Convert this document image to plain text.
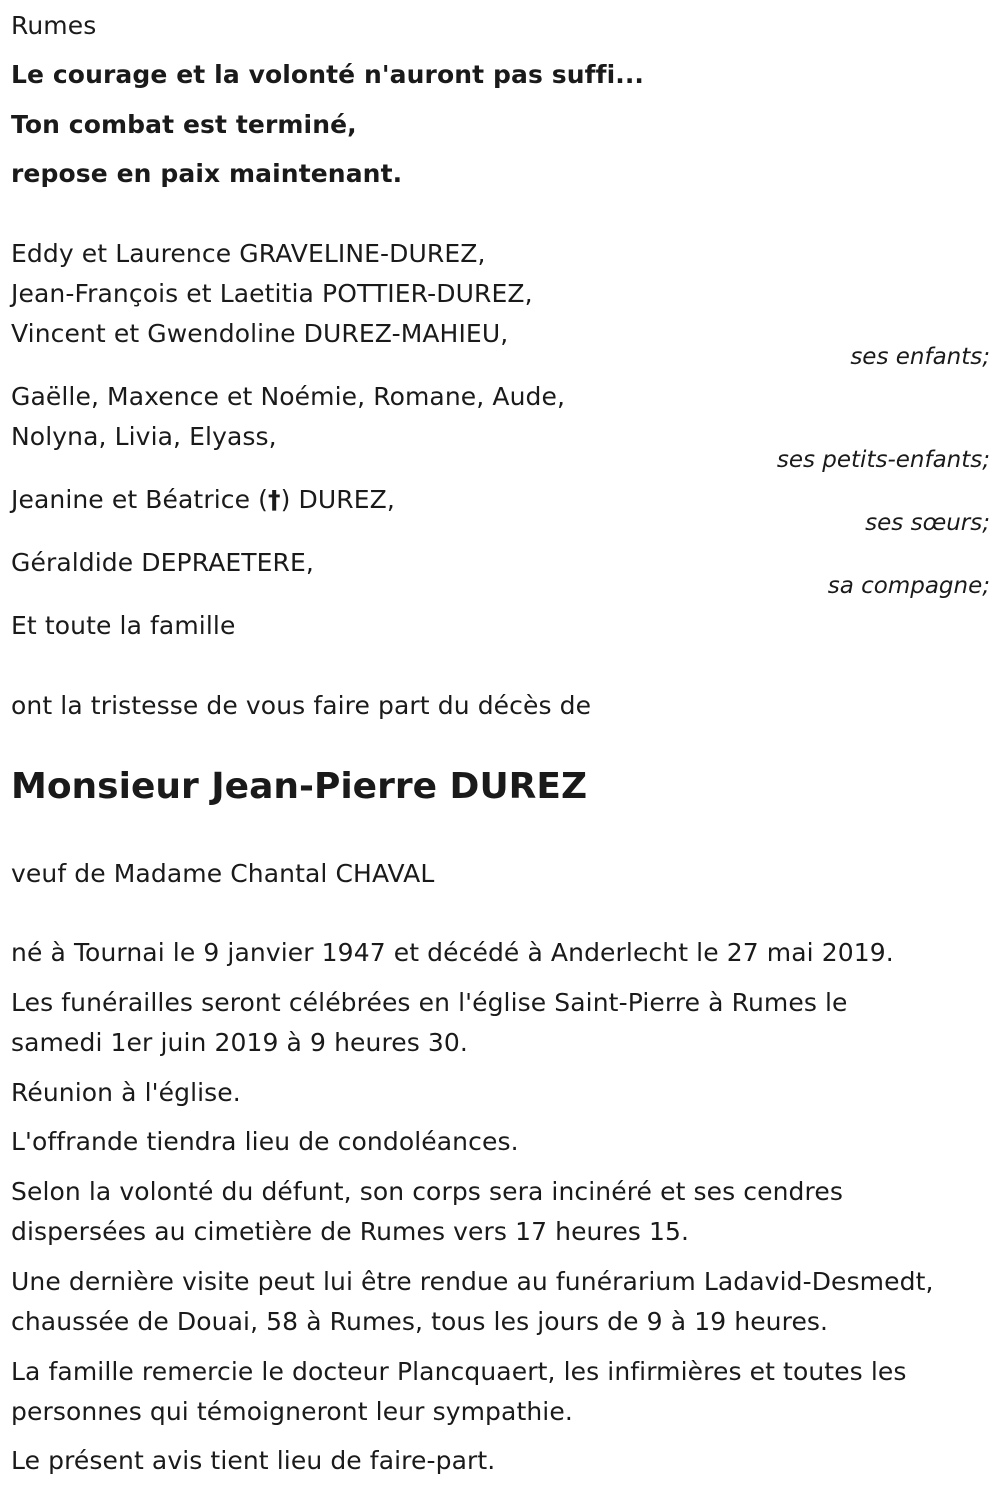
Rumes
Le courage et la volonté n'auront pas suffi...
Ton combat est terminé,
repose en paix maintenant.
Eddy et Laurence GRAVELINE-DUREZ,
Jean-François et Laetitia POTTIER-DUREZ,
Vincent et Gwendoline DUREZ-MAHIEU,
ses enfants;
Gaëlle, Maxence et Noémie, Romane, Aude,
Nolyna, Livia, Elyass,
ses petits-enfants;
Jeanine et Béatrice (†) DUREZ,
ses sœurs;
Géraldide DEPRAETERE,
sa compagne;
Et toute la famille
ont la tristesse de vous faire part du décès de
Monsieur Jean-Pierre DUREZ
veuf de Madame Chantal CHAVAL
né à Tournai le 9 janvier 1947 et décédé à Anderlecht le 27 mai 2019.
Les funérailles seront célébrées en l'église Saint-Pierre à Rumes le
samedi 1er juin 2019 à 9 heures 30.
Réunion à l'église.
L'offrande tiendra lieu de condoléances.
Selon la volonté du défunt, son corps sera incinéré et ses cendres
dispersées au cimetière de Rumes vers 17 heures 15.
Une dernière visite peut lui être rendue au funérarium Ladavid-Desmedt,
chaussée de Douai, 58 à Rumes, tous les jours de 9 à 19 heures.
La famille remercie le docteur Plancquaert, les infirmières et toutes les
personnes qui témoigneront leur sympathie.
Le présent avis tient lieu de faire-part.
